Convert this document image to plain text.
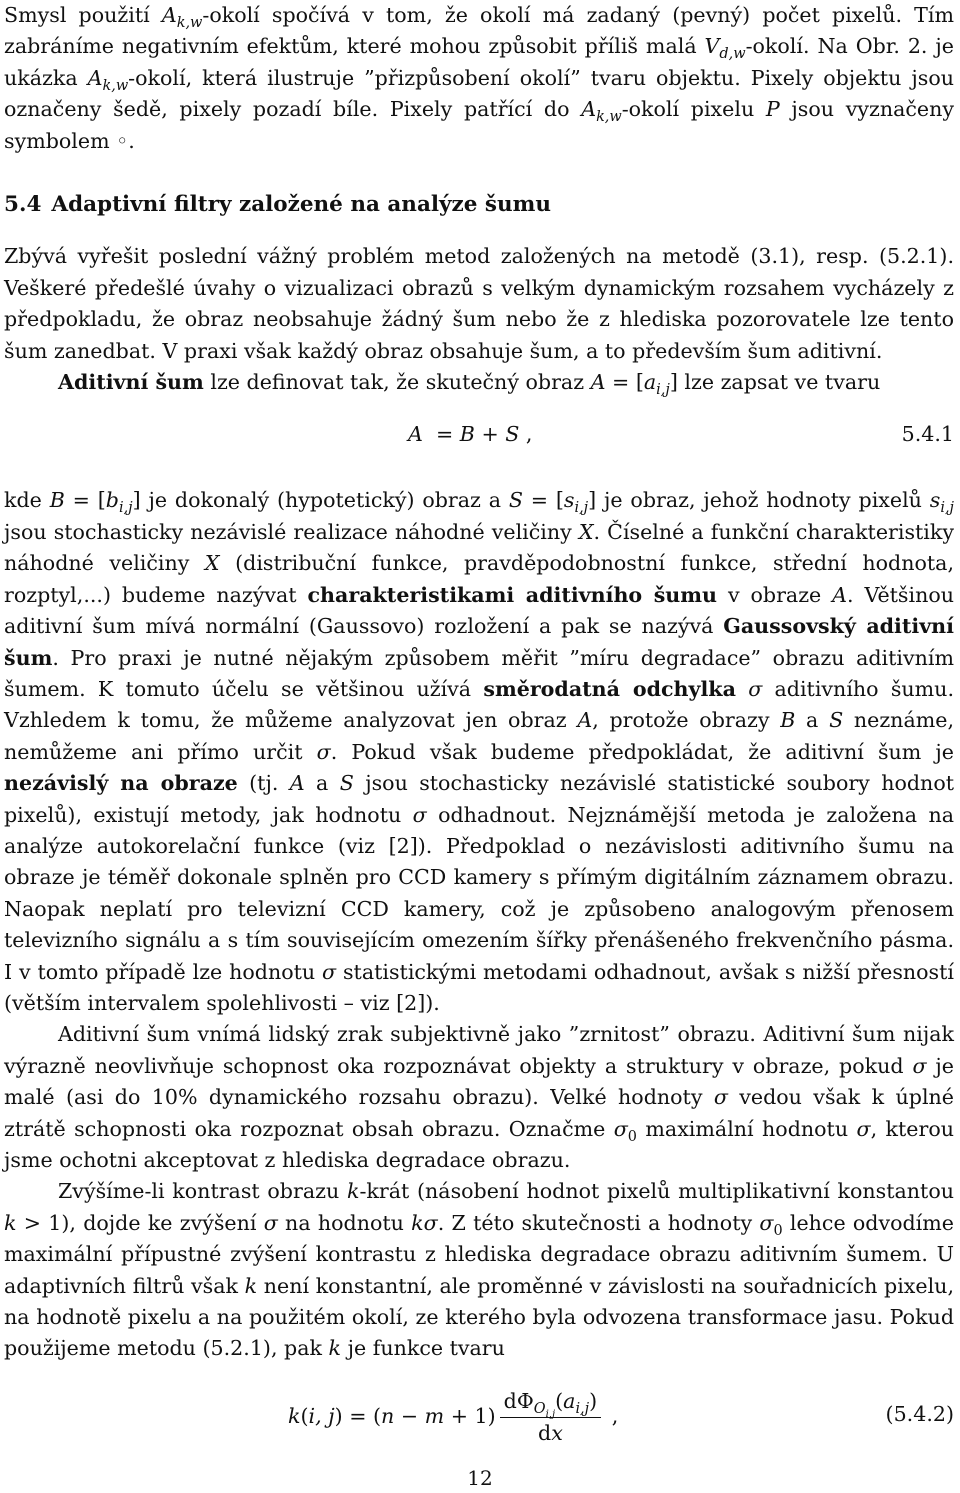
Smysl použití $A_{k,w}$-okolí spočívá v tom, že okolí má zadaný (pevný) počet pixelů. Tím zabráníme negativním efektům, které mohou způsobit příliš malá $V_{d,w}$-okolí. Na Obr. 2. je ukázka $A_{k,w}$-okolí, která ilustruje ”přizpůsobení okolí” tvaru objektu. Pixely objektu jsou označeny šedě, pixely pozadí bíle. Pixely patřící do $A_{k,w}$-okolí pixelu P jsou vyznačeny symbolem ◦.

5.4 Adaptivní filtry založené na analýze šumu

Zbývá vyřešit poslední vážný problém metod založených na metodě (3.1), resp. (5.2.1). Veškeré předešlé úvahy o vizualizaci obrazů s velkým dynamickým rozsahem vycházely z předpokladu, že obraz neobsahuje žádný šum nebo že z hlediska pozorovatele lze tento šum zanedbat. V praxi však každý obraz obsahuje šum, a to především šum aditivní.

Aditivní šum lze definovat tak, že skutečný obraz $A = [a_{i,j}]$ lze zapsat ve tvaru

A  = B + S ,	5.4.1

kde $B = [b_{i,j}]$ je dokonalý (hypotetický) obraz a $S = [s_{i,j}]$ je obraz, jehož hodnoty pixelů $s_{i,j}$ jsou stochasticky nezávislé realizace náhodné veličiny X. Číselné a funkční charakteristiky náhodné veličiny X (distribuční funkce, pravděpodobnostní funkce, střední hodnota, rozptyl,...) budeme nazývat charakteristikami aditivního šumu v obraze A. Většinou aditivní šum mívá normální (Gaussovo) rozložení a pak se nazývá Gaussovský aditivní šum. Pro praxi je nutné nějakým způsobem měřit ”míru degradace” obrazu aditivním šumem. K tomuto účelu se většinou užívá směrodatná odchylka σ aditivního šumu. Vzhledem k tomu, že můžeme analyzovat jen obraz A, protože obrazy B a S neznáme, nemůžeme ani přímo určit σ. Pokud však budeme předpokládat, že aditivní šum je nezávislý na obraze (tj. A a S jsou stochasticky nezávislé statistické soubory hodnot pixelů), existují metody, jak hodnotu σ odhadnout. Nejznámější metoda je založena na analýze autokorelační funkce (viz [2]). Předpoklad o nezávislosti aditivního šumu na obraze je téměř dokonale splněn pro CCD kamery s přímým digitálním záznamem obrazu. Naopak neplatí pro televizní CCD kamery, což je způsobeno analogovým přenosem televizního signálu a s tím souvisejícím omezením šířky přenášeného frekvenčního pásma. I v tomto případě lze hodnotu σ statistickými metodami odhadnout, avšak s nižší přesností (větším intervalem spolehlivosti – viz [2]).

Aditivní šum vnímá lidský zrak subjektivně jako ”zrnitost” obrazu. Aditivní šum nijak výrazně neovlivňuje schopnost oka rozpoznávat objekty a struktury v obraze, pokud σ je malé (asi do 10% dynamického rozsahu obrazu). Velké hodnoty σ vedou však k úplné ztrátě schopnosti oka rozpoznat obsah obrazu. Označme $\sigma_0$ maximální hodnotu σ, kterou jsme ochotni akceptovat z hlediska degradace obrazu.

Zvýšíme-li kontrast obrazu k-krát (násobení hodnot pixelů multiplikativní konstantou k > 1), dojde ke zvýšení σ na hodnotu kσ. Z této skutečnosti a hodnoty $\sigma_0$ lehce odvodíme maximální přípustné zvýšení kontrastu z hlediska degradace obrazu aditivním šumem. U adaptivních filtrů však k není konstantní, ale proměnné v závislosti na souřadnicích pixelu, na hodnotě pixelu a na použitém okolí, ze kterého byla odvozena transformace jasu. Pokud použijeme metodu (5.2.1), pak k je funkce tvaru

k(i, $j) = (n - m + 1) \frac{d\Phi_{O_{i,j}}(a_{i,j})}{dx}$ ,	(5.4.2)
12
